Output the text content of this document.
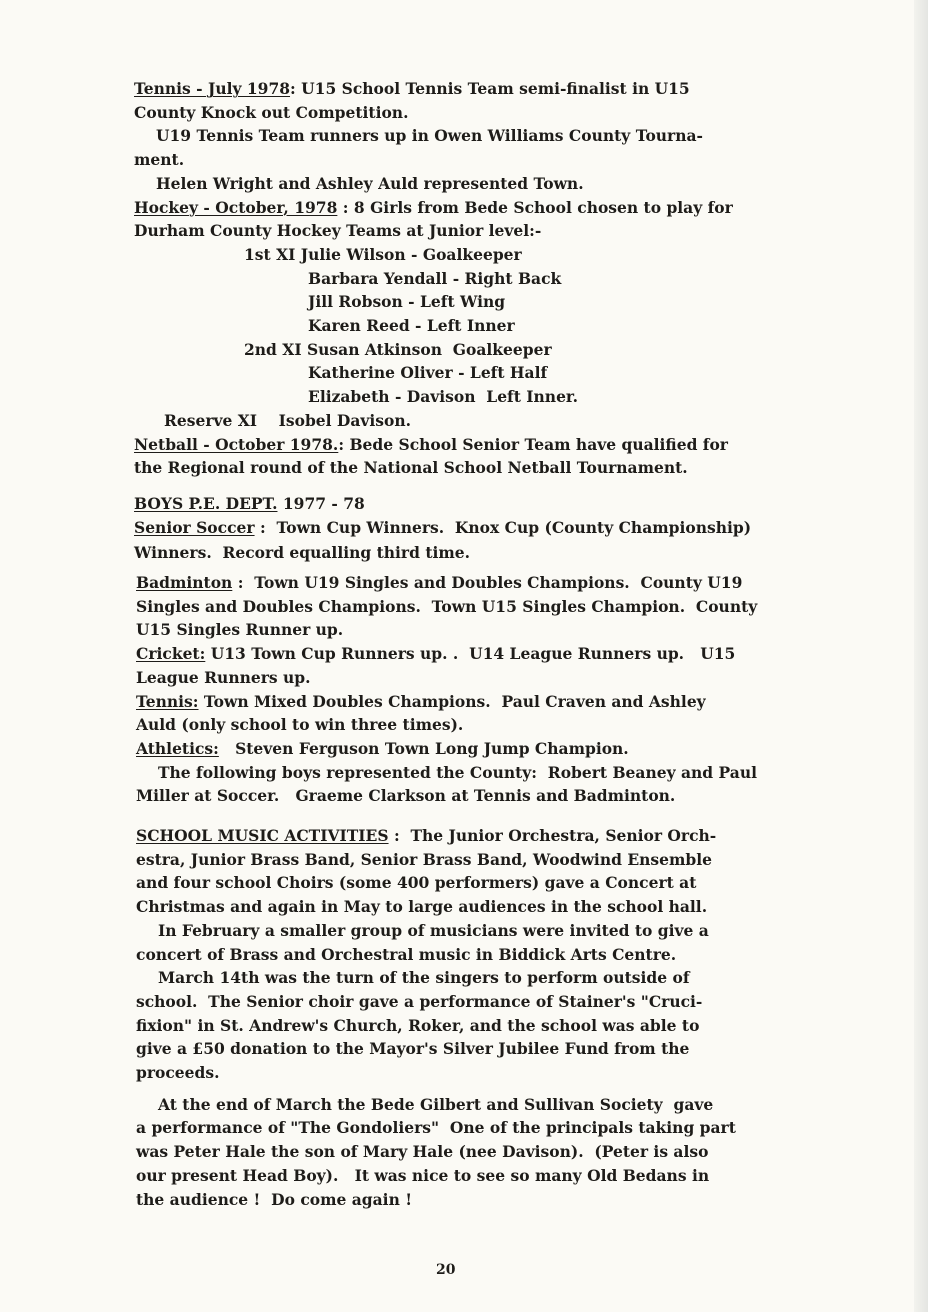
Tennis - July 1978: U15 School Tennis Team semi-finalist in U15
County Knock out Competition.
U19 Tennis Team runners up in Owen Williams County Tourna-
ment.
Helen Wright and Ashley Auld represented Town.
Hockey - October, 1978 : 8 Girls from Bede School chosen to play for
Durham County Hockey Teams at Junior level:-
1st XI Julie Wilson - Goalkeeper
Barbara Yendall - Right Back
Jill Robson - Left Wing
Karen Reed - Left Inner
2nd XI Susan Atkinson  Goalkeeper
Katherine Oliver - Left Half
Elizabeth - Davison  Left Inner.
Reserve XI    Isobel Davison.
Netball - October 1978.: Bede School Senior Team have qualified for
the Regional round of the National School Netball Tournament.
BOYS P.E. DEPT. 1977 - 78
Senior Soccer :  Town Cup Winners.  Knox Cup (County Championship)
Winners.  Record equalling third time.
Badminton :  Town U19 Singles and Doubles Champions.  County U19
Singles and Doubles Champions.  Town U15 Singles Champion.  County
U15 Singles Runner up.
Cricket: U13 Town Cup Runners up. .  U14 League Runners up.   U15
League Runners up.
Tennis: Town Mixed Doubles Champions.  Paul Craven and Ashley
Auld (only school to win three times).
Athletics: Steven Ferguson Town Long Jump Champion.
The following boys represented the County:  Robert Beaney and Paul
Miller at Soccer.   Graeme Clarkson at Tennis and Badminton.
SCHOOL MUSIC ACTIVITIES :  The Junior Orchestra, Senior Orch-
estra, Junior Brass Band, Senior Brass Band, Woodwind Ensemble
and four school Choirs (some 400 performers) gave a Concert at
Christmas and again in May to large audiences in the school hall.
In February a smaller group of musicians were invited to give a
concert of Brass and Orchestral music in Biddick Arts Centre.
March 14th was the turn of the singers to perform outside of
school.  The Senior choir gave a performance of Stainer's "Cruci-
fixion" in St. Andrew's Church, Roker, and the school was able to
give a £50 donation to the Mayor's Silver Jubilee Fund from the
proceeds.
At the end of March the Bede Gilbert and Sullivan Society  gave
a performance of "The Gondoliers"  One of the principals taking part
was Peter Hale the son of Mary Hale (nee Davison).  (Peter is also
our present Head Boy).   It was nice to see so many Old Bedans in
the audience !  Do come again !
20
